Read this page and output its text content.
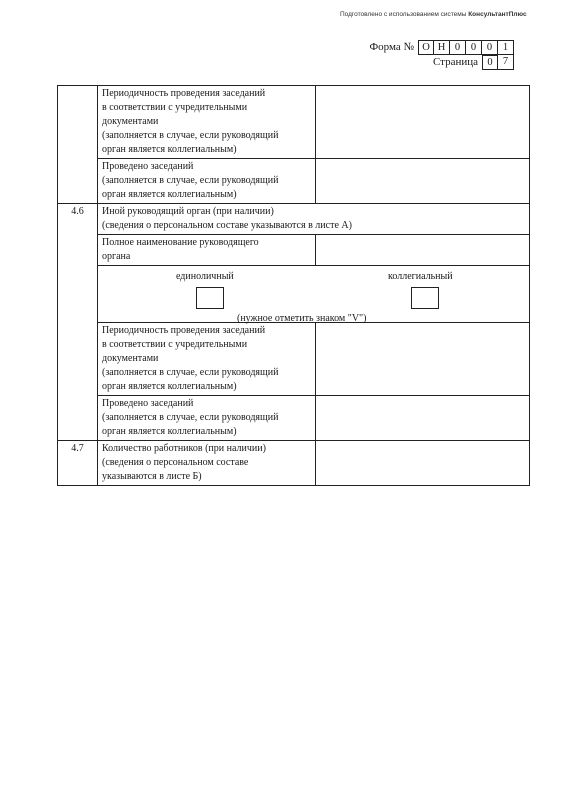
Подготовлено с использованием системы КонсультантПлюс
Форма № О Н 0	0	0	1
Страница 0 7
	Периодичность проведения заседаний
в соответствии с учредительными
документами
(заполняется в случае, если руководящий
орган является коллегиальным)	
	Проведено заседаний
(заполняется в случае, если руководящий
орган является коллегиальным)	
4.6	Иной руководящий орган (при наличии)
(сведения о персональном составе указываются в листе А)	
	Полное наименование руководящего
органа	

	единоличный коллегиальный
(нужное отметить знаком "V")	

	Периодичность проведения заседаний
в соответствии с учредительными
документами
(заполняется в случае, если руководящий
орган является коллегиальным)	
	Проведено заседаний
(заполняется в случае, если руководящий
орган является коллегиальным)	
4.7	Количество работников (при наличии)
(сведения о персональном составе
указываются в листе Б)	
